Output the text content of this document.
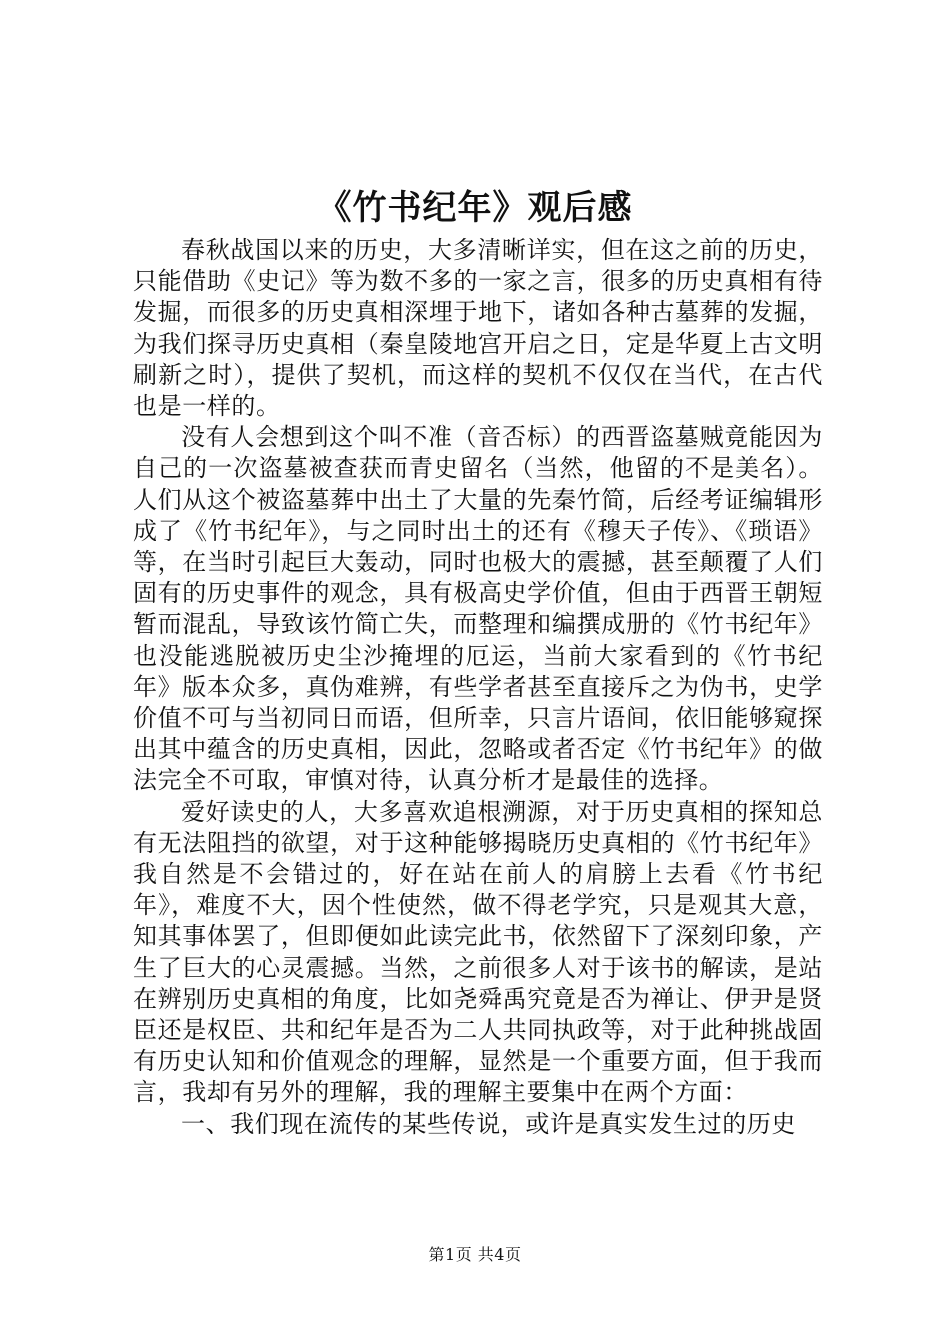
《竹书纪年》观后感

春秋战国以来的历史，大多清晰详实，但在这之前的历史，只能借助《史记》等为数不多的一家之言，很多的历史真相有待发掘，而很多的历史真相深埋于地下，诸如各种古墓葬的发掘，为我们探寻历史真相（秦皇陵地宫开启之日，定是华夏上古文明刷新之时），提供了契机，而这样的契机不仅仅在当代，在古代也是一样的。

没有人会想到这个叫不准（音否标）的西晋盗墓贼竟能因为自己的一次盗墓被查获而青史留名（当然，他留的不是美名）。人们从这个被盗墓葬中出土了大量的先秦竹简，后经考证编辑形成了《竹书纪年》，与之同时出土的还有《穆天子传》、《琐语》等，在当时引起巨大轰动，同时也极大的震撼，甚至颠覆了人们固有的历史事件的观念，具有极高史学价值，但由于西晋王朝短暂而混乱，导致该竹简亡失，而整理和编撰成册的《竹书纪年》也没能逃脱被历史尘沙掩埋的厄运，当前大家看到的《竹书纪年》版本众多，真伪难辨，有些学者甚至直接斥之为伪书，史学价值不可与当初同日而语，但所幸，只言片语间，依旧能够窥探出其中蕴含的历史真相，因此，忽略或者否定《竹书纪年》的做法完全不可取，审慎对待，认真分析才是最佳的选择。

爱好读史的人，大多喜欢追根溯源，对于历史真相的探知总有无法阻挡的欲望，对于这种能够揭晓历史真相的《竹书纪年》我自然是不会错过的，好在站在前人的肩膀上去看《竹书纪年》，难度不大，因个性使然，做不得老学究，只是观其大意，知其事体罢了，但即便如此读完此书，依然留下了深刻印象，产生了巨大的心灵震撼。当然，之前很多人对于该书的解读，是站在辨别历史真相的角度，比如尧舜禹究竟是否为禅让、伊尹是贤臣还是权臣、共和纪年是否为二人共同执政等，对于此种挑战固有历史认知和价值观念的理解，显然是一个重要方面，但于我而言，我却有另外的理解，我的理解主要集中在两个方面：

一、我们现在流传的某些传说，或许是真实发生过的历史

第1页 共4页
